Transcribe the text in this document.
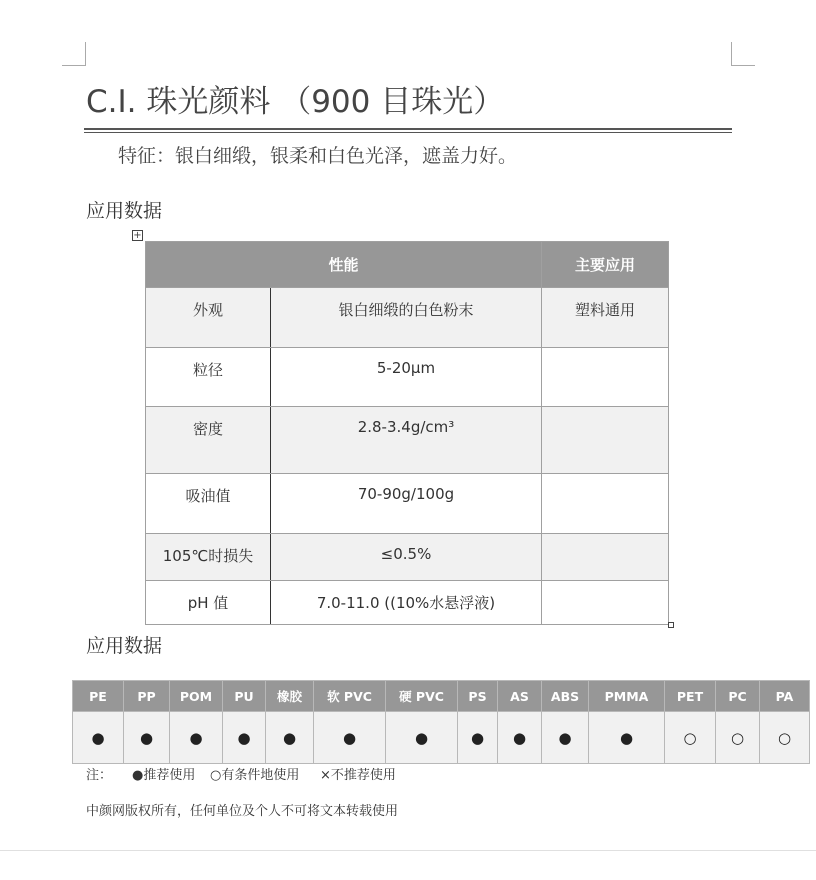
C.I. 珠光颜料 （900 目珠光）
特征：银白细缎，银柔和白色光泽，遮盖力好。
应用数据
+
性能		主要应用
外观	银白细缎的白色粉末	塑料通用
粒径	5-20μm	
密度	2.8-3.4g/cm³	
吸油值	70-90g/100g	
105℃时损失	≤0.5%	
pH 值	7.0-11.0 ((10%水悬浮液)	
应用数据
PE	PP	POM	PU	橡胶	软 PVC	硬 PVC	PS	AS	ABS	PMMA	PET	PC	PA
●	●	●	●	●	●	●	●	●	●	●	○	○	○
注： ●推荐使用 ○有条件地使用 ×不推荐使用
中颜网版权所有，任何单位及个人不可将文本转载使用
